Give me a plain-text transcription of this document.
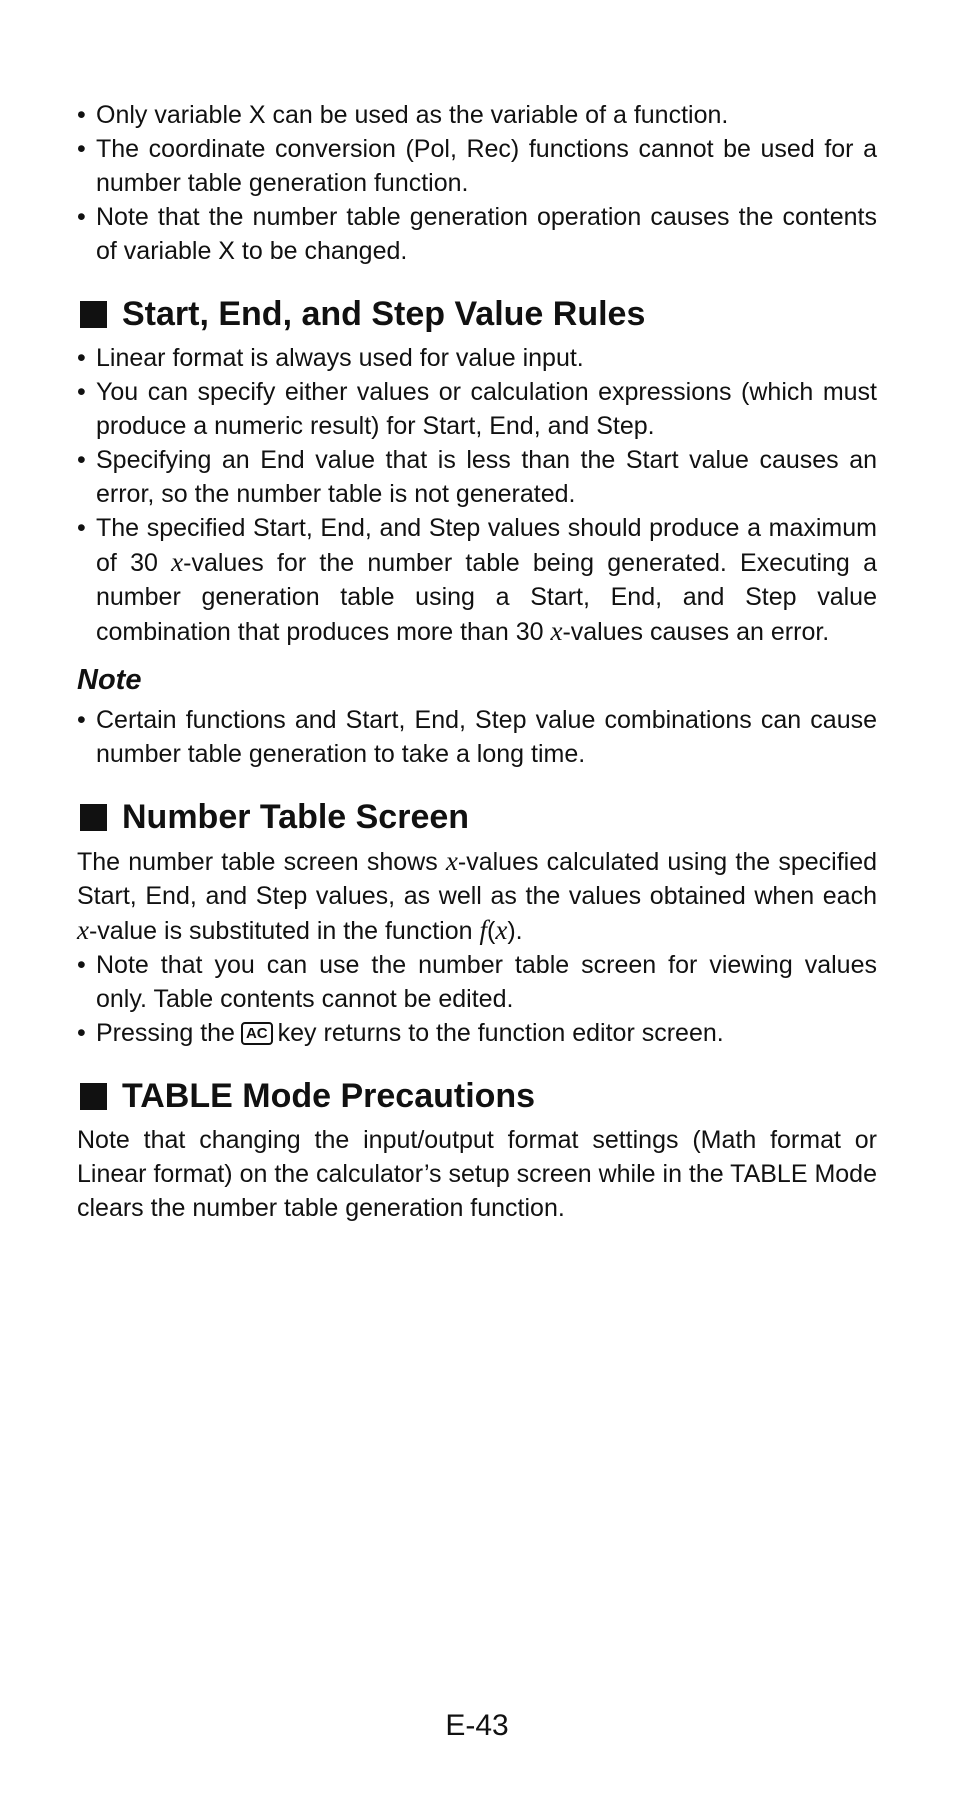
• Only variable X can be used as the variable of a function.
• The coordinate conversion (Pol, Rec) functions cannot be used for a number table generation function.
• Note that the number table generation operation causes the contents of variable X to be changed.
Start, End, and Step Value Rules
• Linear format is always used for value input.
• You can specify either values or calculation expressions (which must produce a numeric result) for Start, End, and Step.
• Specifying an End value that is less than the Start value causes an error, so the number table is not generated.
• The specified Start, End, and Step values should produce a maximum of 30 x-values for the number table being generated. Executing a number generation table using a Start, End, and Step value combination that produces more than 30 x-values causes an error.
Note
• Certain functions and Start, End, Step value combinations can cause number table generation to take a long time.
Number Table Screen

The number table screen shows x-values calculated using the specified Start, End, and Step values, as well as the values obtained when each x-value is substituted in the function f(x).

• Note that you can use the number table screen for viewing values only. Table contents cannot be edited.
• Pressing the AC key returns to the function editor screen.
TABLE Mode Precautions

Note that changing the input/output format settings (Math format or Linear format) on the calculator’s setup screen while in the TABLE Mode clears the number table generation function.

E-43
